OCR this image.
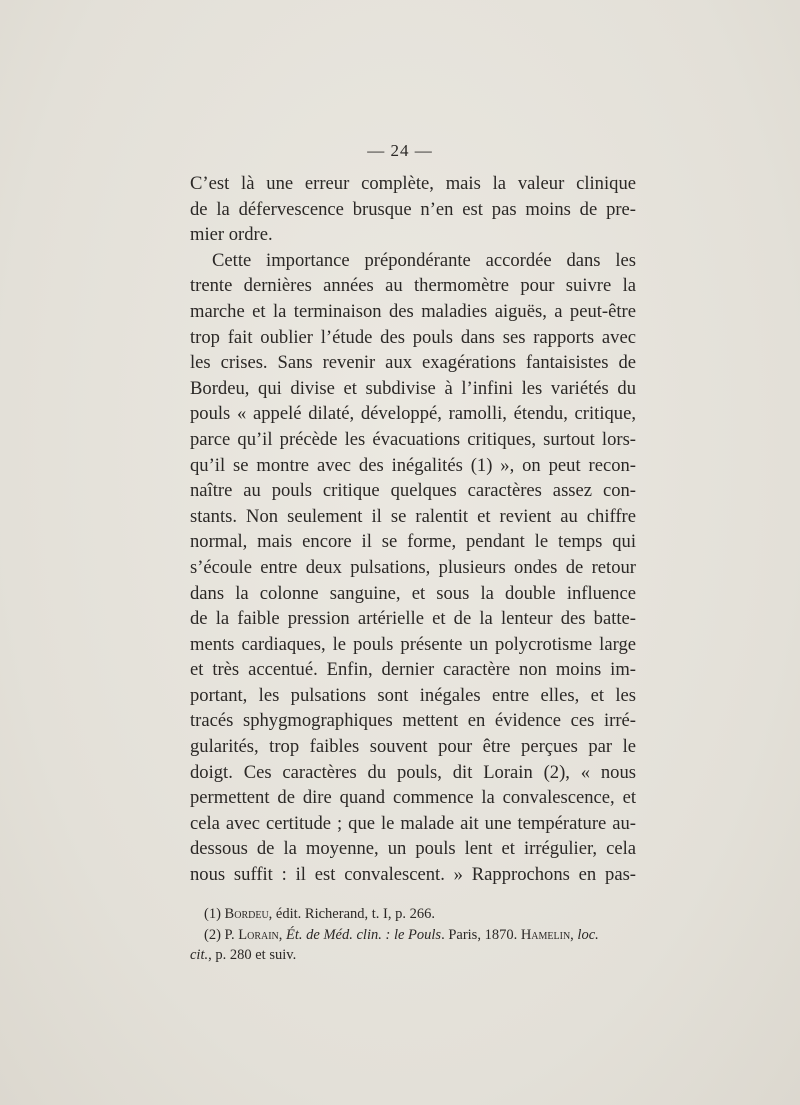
— 24 —
C’est là une erreur complète, mais la valeur clinique
de la défervescence brusque n’en est pas moins de pre-
mier ordre.
Cette importance prépondérante accordée dans les
trente dernières années au thermomètre pour suivre la
marche et la terminaison des maladies aiguës, a peut-être
trop fait oublier l’étude des pouls dans ses rapports avec
les crises. Sans revenir aux exagérations fantaisistes de
Bordeu, qui divise et subdivise à l’infini les variétés du
pouls « appelé dilaté, développé, ramolli, étendu, critique,
parce qu’il précède les évacuations critiques, surtout lors-
qu’il se montre avec des inégalités (1) », on peut recon-
naître au pouls critique quelques caractères assez con-
stants. Non seulement il se ralentit et revient au chiffre
normal, mais encore il se forme, pendant le temps qui
s’écoule entre deux pulsations, plusieurs ondes de retour
dans la colonne sanguine, et sous la double influence
de la faible pression artérielle et de la lenteur des batte-
ments cardiaques, le pouls présente un polycrotisme large
et très accentué. Enfin, dernier caractère non moins im-
portant, les pulsations sont inégales entre elles, et les
tracés sphygmographiques mettent en évidence ces irré-
gularités, trop faibles souvent pour être perçues par le
doigt. Ces caractères du pouls, dit Lorain (2), « nous
permettent de dire quand commence la convalescence, et
cela avec certitude ; que le malade ait une température au-
dessous de la moyenne, un pouls lent et irrégulier, cela
nous suffit : il est convalescent. » Rapprochons en pas-
(1) Bordeu, édit. Richerand, t. I, p. 266.
(2) P. Lorain, Ét. de Méd. clin. : le Pouls. Paris, 1870. Hamelin, loc.
cit., p. 280 et suiv.
